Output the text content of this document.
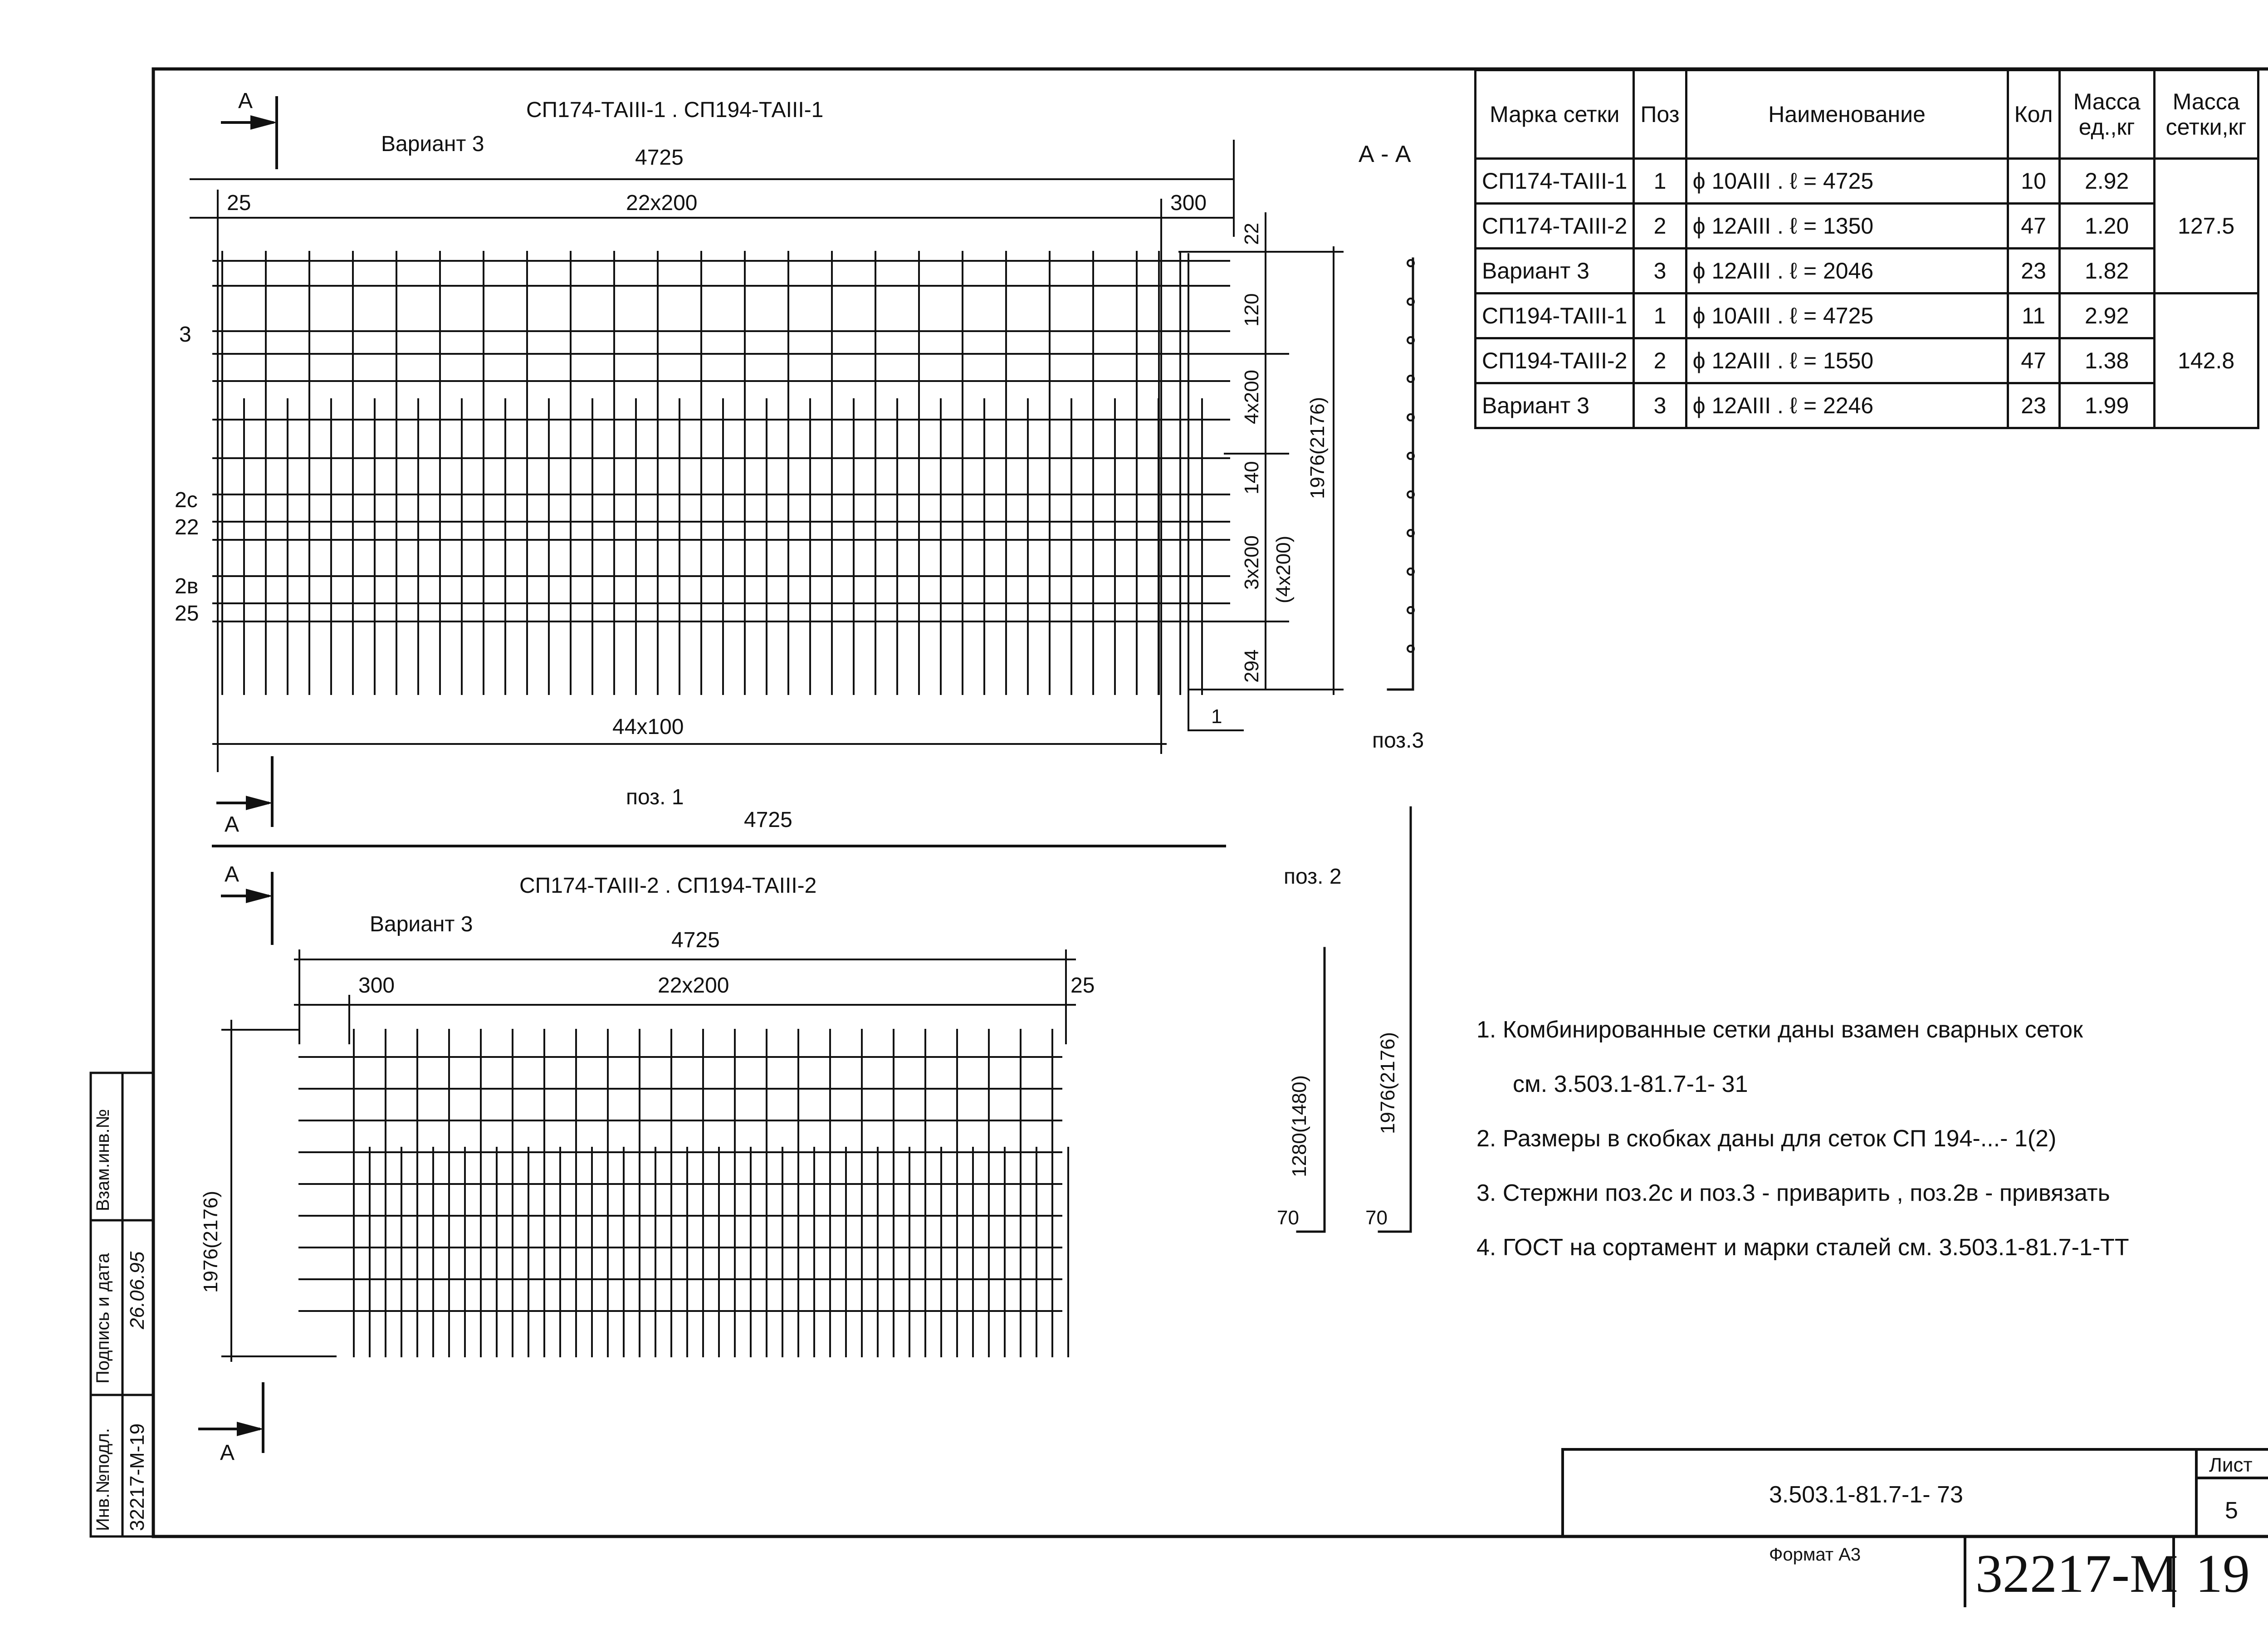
А	СП174-ТАIII-1 . СП194-ТАIII-1
Вариант 3
4725
25	22х200	300
22
120
4х200
140
3х200 (4х200)
294
1976(2176)
44х100	1
3
2с
22
2в
25
А
поз. 1
4725
А - А
поз.3
поз. 2
1280(1480)	1976(2176)
70	70
А	СП174-ТАIII-2 . СП194-ТАIII-2
Вариант 3
4725
300	22х200	25
1976(2176)
А
Марка сетки	Поз	Наименование	Кол	Масса ед.,кг	Масса сетки,кг
СП174-ТАIII-1	1	ϕ 10АIII . ℓ = 4725	10	2.92	127.5
СП174-ТАIII-2	2	ϕ 12АIII . ℓ = 1350	47	1.20	
Вариант 3	3	ϕ 12АIII . ℓ = 2046	23	1.82	
СП194-ТАIII-1	1	ϕ 10АIII . ℓ = 4725	11	2.92	142.8
СП194-ТАIII-2	2	ϕ 12АIII . ℓ = 1550	47	1.38	
Вариант 3	3	ϕ 12АIII . ℓ = 2246	23	1.99	
1. Комбинированные сетки даны взамен сварных сеток
см. 3.503.1-81.7-1- 31
2. Размеры в скобках даны для сеток СП 194-...- 1(2)
3. Стержни поз.2с и поз.3 - приварить , поз.2в - привязать
4. ГОСТ на сортамент и марки сталей см. 3.503.1-81.7-1-ТТ
3.503.1-81.7-1- 73
Лист
5
Формат А3 32217-М 19
Инв.№подл. 32217-М-19
Подпись и дата 26.06.95
Взам.инв.№
